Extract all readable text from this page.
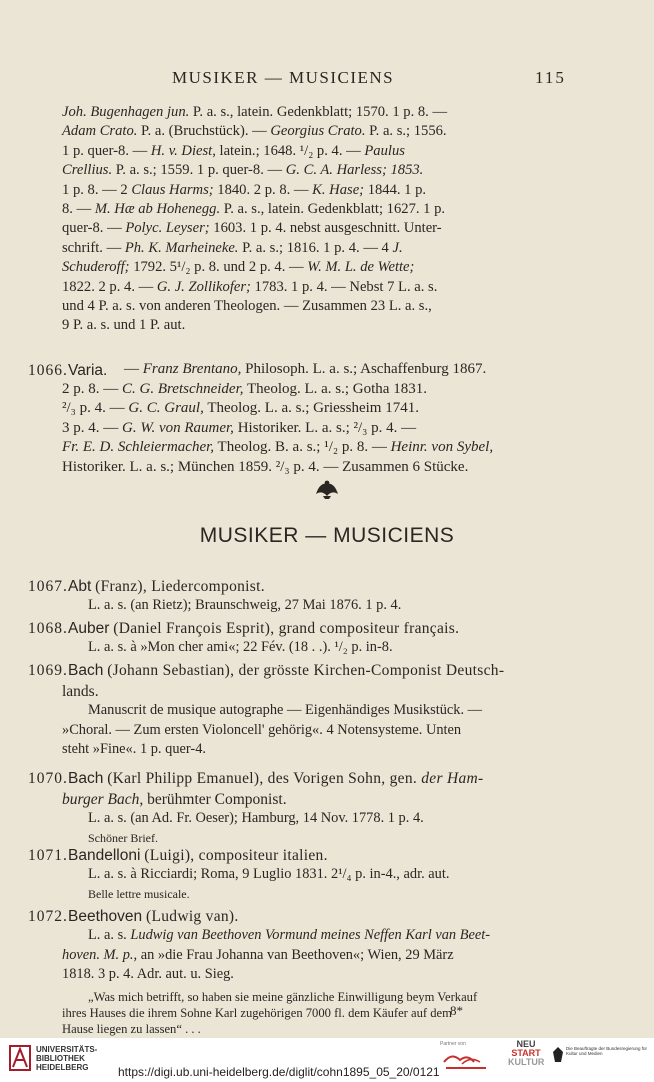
MUSIKER — MUSICIENS	115
Joh. Bugenhagen jun. P. a. s., latein. Gedenkblatt; 1570. 1 p. 8. —
Adam Crato. P. a. (Bruchstück). — Georgius Crato. P. a. s.; 1556.
1 p. quer-8. — H. v. Diest, latein.; 1648. ¹/₂ p. 4. — Paulus
Crellius. P. a. s.; 1559. 1 p. quer-8. — G. C. A. Harless; 1853.
1 p. 8. — 2 Claus Harms; 1840. 2 p. 8. — K. Hase; 1844. 1 p.
8. — M. Hæ ab Hohenegg. P. a. s., latein. Gedenkblatt; 1627. 1 p.
quer-8. — Polyc. Leyser; 1603. 1 p. 4. nebst ausgeschnitt. Unter-
schrift. — Ph. K. Marheineke. P. a. s.; 1816. 1 p. 4. — 4 J.
Schuderoff; 1792. 5¹/₂ p. 8. und 2 p. 4. — W. M. L. de Wette;
1822. 2 p. 4. — G. J. Zollikofer; 1783. 1 p. 4. — Nebst 7 L. a. s.
und 4 P. a. s. von anderen Theologen. — Zusammen 23 L. a. s.,
9 P. a. s. und 1 P. aut.
1066.Varia.	— Franz Brentano, Philosoph. L. a. s.; Aschaffenburg 1867.
2 p. 8. — C. G. Bretschneider, Theolog. L. a. s.; Gotha 1831.
²/₃ p. 4. — G. C. Graul, Theolog. L. a. s.; Griessheim 1741.
3 p. 4. — G. W. von Raumer, Historiker. L. a. s.; ²/₃ p. 4. —
Fr. E. D. Schleiermacher, Theolog. B. a. s.; ¹/₂ p. 8. — Heinr. von Sybel,
Historiker. L. a. s.; München 1859. ²/₃ p. 4. — Zusammen 6 Stücke.
MUSIKER — MUSICIENS
1067.Abt (Franz), Liedercomponist.
L. a. s. (an Rietz); Braunschweig, 27 Mai 1876. 1 p. 4.
1068.Auber (Daniel François Esprit), grand compositeur français.
L. a. s. à »Mon cher ami«; 22 Fév. (18 . .). ¹/₂ p. in-8.
1069.Bach (Johann Sebastian), der grösste Kirchen-Componist Deutsch-
lands.
Manuscrit de musique autographe — Eigenhändiges Musikstück. —
»Choral. — Zum ersten Violoncell' gehörig«. 4 Notensysteme. Unten
steht »Fine«. 1 p. quer-4.
1070.Bach (Karl Philipp Emanuel), des Vorigen Sohn, gen. der Ham-
burger Bach, berühmter Componist.
L. a. s. (an Ad. Fr. Oeser); Hamburg, 14 Nov. 1778. 1 p. 4.
Schöner Brief.
1071.Bandelloni (Luigi), compositeur italien.
L. a. s. à Ricciardi; Roma, 9 Luglio 1831. 2¹/₄ p. in-4., adr. aut.
Belle lettre musicale.
1072.Beethoven (Ludwig van).
L. a. s. Ludwig van Beethoven Vormund meines Neffen Karl van Beet-
hoven. M. p., an »die Frau Johanna van Beethoven«; Wien, 29 März
1818. 3 p. 4. Adr. aut. u. Sieg.
„Was mich betrifft, so haben sie meine gänzliche Einwilligung beym Verkauf
ihres Hauses die ihrem Sohne Karl zugehörigen 7000 fl. dem Käufer auf dem
Hause liegen zu lassen“ . . .
8*
UNIVERSITÄTS-
BIBLIOTHEK
HEIDELBERG	https://digi.ub.uni-heidelberg.de/diglit/cohn1895_05_20/0121
Partner von	NEU
START
KULTUR
Die Beauftragte der Bundesregierung für Kultur und Medien
